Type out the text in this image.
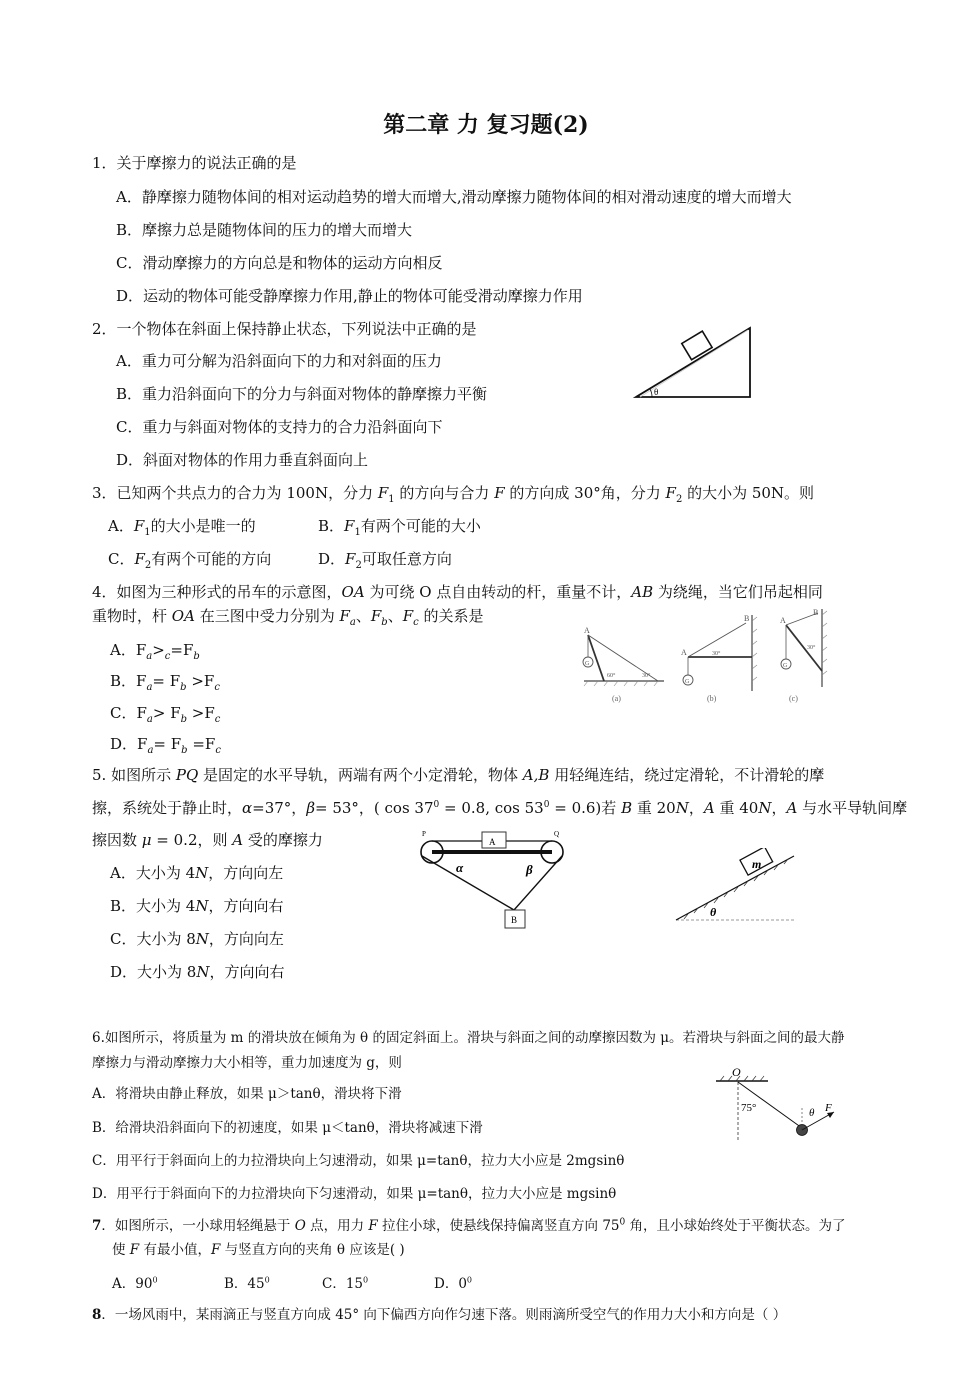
第二章 力 复习题(2)
1．关于摩擦力的说法正确的是
A．静摩擦力随物体间的相对运动趋势的增大而增大,滑动摩擦力随物体间的相对滑动速度的增大而增大
B．摩擦力总是随物体间的压力的增大而增大
C．滑动摩擦力的方向总是和物体的运动方向相反
D．运动的物体可能受静摩擦力作用,静止的物体可能受滑动摩擦力作用
2．一个物体在斜面上保持静止状态，下列说法中正确的是
A．重力可分解为沿斜面向下的力和对斜面的压力
B．重力沿斜面向下的分力与斜面对物体的静摩擦力平衡
C．重力与斜面对物体的支持力的合力沿斜面向下
D．斜面对物体的作用力垂直斜面向上
θ
3．已知两个共点力的合力为 100N，分力 $F_1$ 的方向与合力 F 的方向成 30°角，分力 $F_2$ 的大小为 50N。则
A．$F_1$的大小是唯一的	B．$F_1$有两个可能的大小
C．$F_2$有两个可能的方向	D．$F_2$可取任意方向
4．如图为三种形式的吊车的示意图，OA 为可绕 O 点自由转动的杆，重量不计，AB 为绕绳，当它们吊起相同
重物时，杆 OA 在三图中受力分别为 $F_a$、$F_b$、$F_c$ 的关系是
A．$F_a>_c=F_b$
B．$F_a= F_b >F_c$
C．$F_a> F_b >F_c$
D．$F_a= F_b =F_c$
A
G
60°	30°
(a)
A
B
G
30°
(b)
A
B
G
30°
(c)
5. 如图所示 PQ 是固定的水平导轨，两端有两个小定滑轮，物体 A,B 用轻绳连结，绕过定滑轮，不计滑轮的摩
擦，系统处于静止时，α=37°，β= 53°，( $\cos 37^0 = 0.8$, $\cos 53^0 = 0.6$)若 B 重 20N，A 重 40N，A 与水平导轨间摩
擦因数 μ = 0.2，则 A 受的摩擦力
A．大小为 4N，方向向左
B．大小为 4N，方向向右
C．大小为 8N，方向向左
D．大小为 8N，方向向右
A
B
P	Q
α	β	m
θ
6.如图所示，将质量为 m 的滑块放在倾角为 θ 的固定斜面上。滑块与斜面之间的动摩擦因数为 μ。若滑块与斜面之间的最大静
摩擦力与滑动摩擦力大小相等，重力加速度为 g，则
A．将滑块由静止释放，如果 μ＞tanθ，滑块将下滑
B．给滑块沿斜面向下的初速度，如果 μ＜tanθ，滑块将减速下滑
C．用平行于斜面向上的力拉滑块向上匀速滑动，如果 μ=tanθ，拉力大小应是 2mgsinθ
D．用平行于斜面向下的力拉滑块向下匀速滑动，如果 μ=tanθ，拉力大小应是 mgsinθ
O
75°	θ F
7．如图所示，一小球用轻绳悬于 O 点，用力 F 拉住小球，使悬线保持偏离竖直方向 $75^0$ 角，且小球始终处于平衡状态。为了
使 F 有最小值，F 与竖直方向的夹角 θ 应该是( )
A．$90^0$	B．$45^0$	C．$15^0$	D．$0^0$
8．一场风雨中，某雨滴正与竖直方向成 45° 向下偏西方向作匀速下落。则雨滴所受空气的作用力大小和方向是（ ）
